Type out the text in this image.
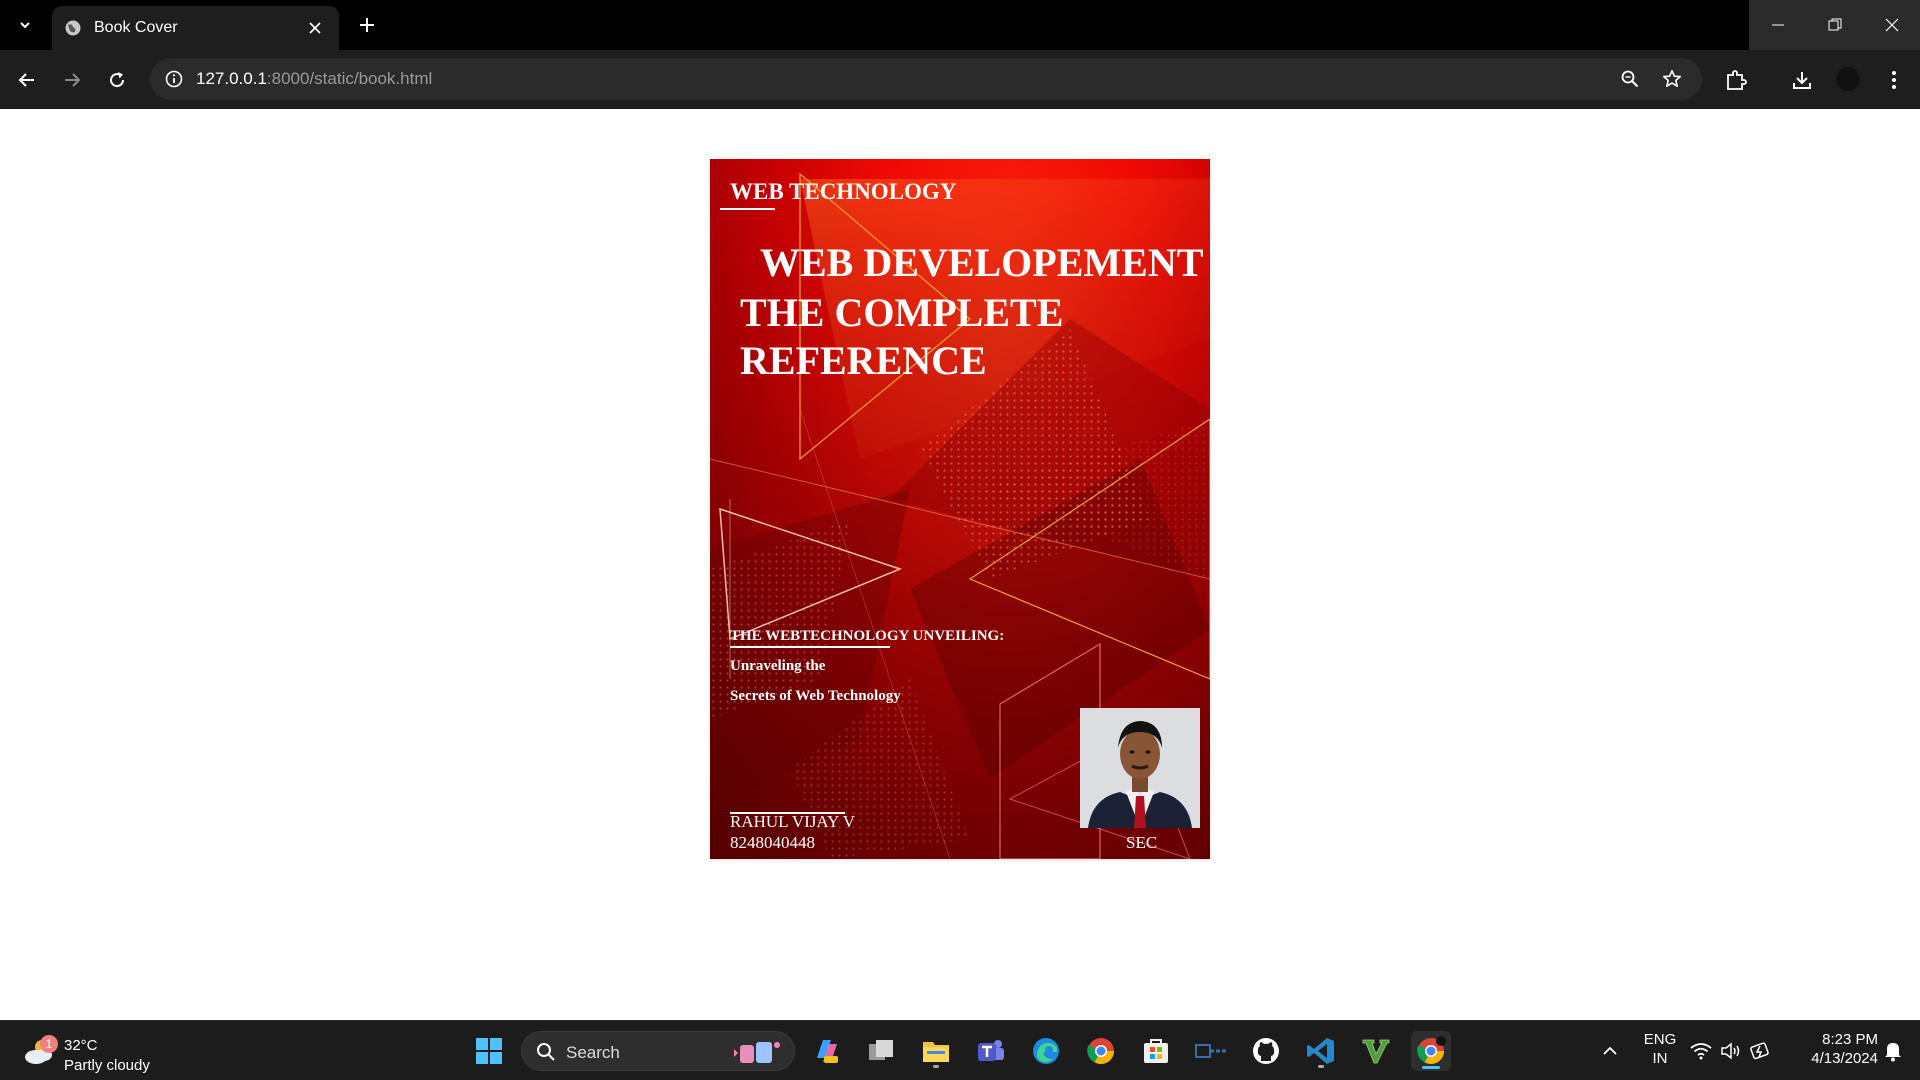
Book Cover
127.0.0.1:8000/static/book.html
WEB TECHNOLOGY
WEB DEVELOPEMENT
THE COMPLETE
REFERENCE
THE WEBTECHNOLOGY UNVEILING:
Unraveling the
Secrets of Web Technology
RAHUL VIJAY V
8248040448	SEC
1 32°C
Partly cloudy
Search
ENG
IN
8:23 PM
4/13/2024
